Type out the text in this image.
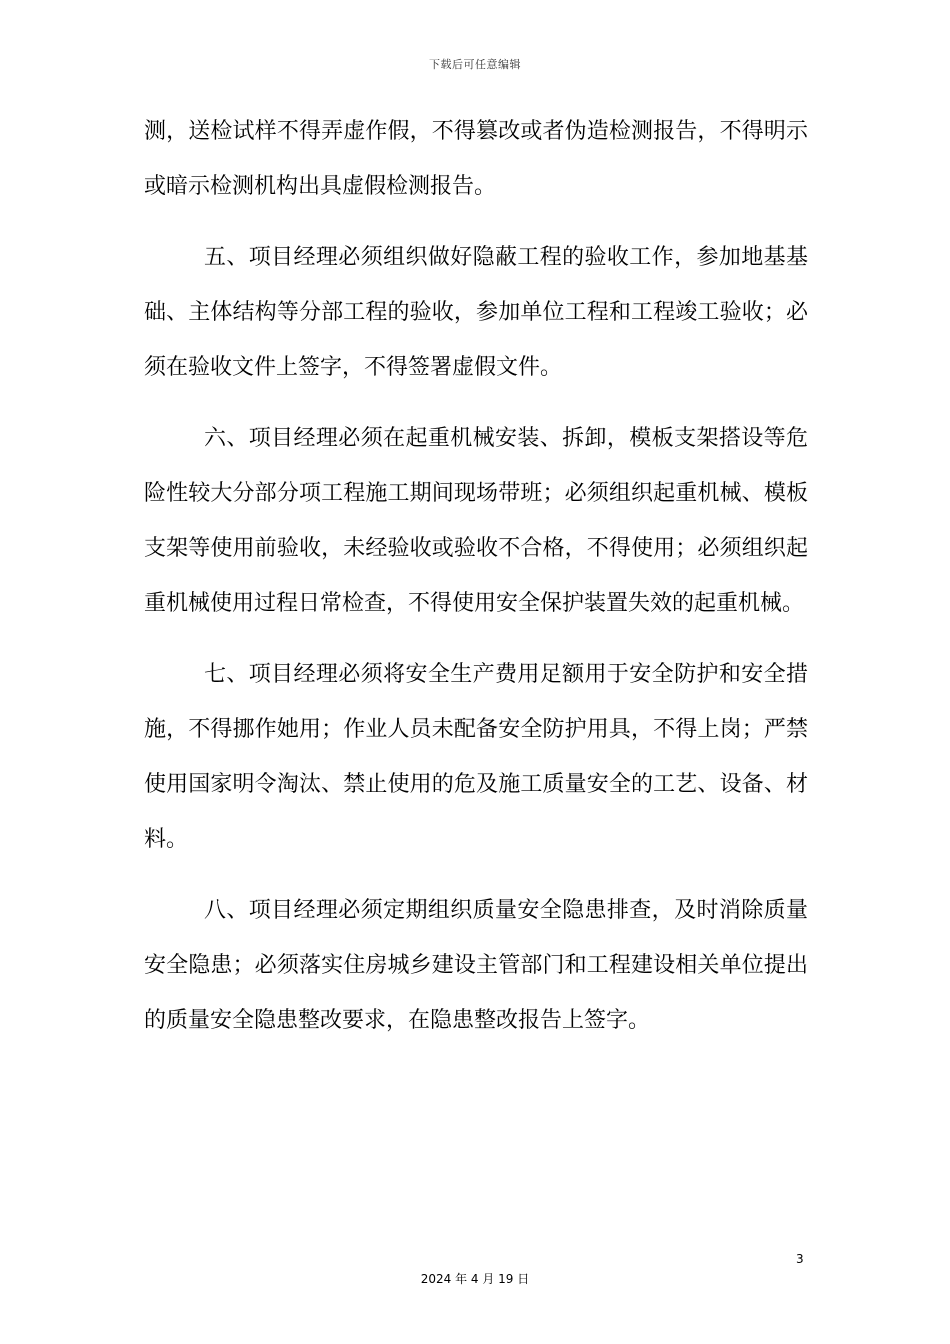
下载后可任意编辑

测，送检试样不得弄虚作假，不得篡改或者伪造检测报告，不得明示或暗示检测机构出具虚假检测报告。

五、项目经理必须组织做好隐蔽工程的验收工作，参加地基基础、主体结构等分部工程的验收，参加单位工程和工程竣工验收；必须在验收文件上签字，不得签署虚假文件。

六、项目经理必须在起重机械安装、拆卸，模板支架搭设等危险性较大分部分项工程施工期间现场带班；必须组织起重机械、模板支架等使用前验收，未经验收或验收不合格，不得使用；必须组织起重机械使用过程日常检查，不得使用安全保护装置失效的起重机械。

七、项目经理必须将安全生产费用足额用于安全防护和安全措施，不得挪作她用；作业人员未配备安全防护用具，不得上岗；严禁使用国家明令淘汰、禁止使用的危及施工质量安全的工艺、设备、材料。

八、项目经理必须定期组织质量安全隐患排查，及时消除质量安全隐患；必须落实住房城乡建设主管部门和工程建设相关单位提出的质量安全隐患整改要求，在隐患整改报告上签字。

3
2024 年 4 月 19 日
